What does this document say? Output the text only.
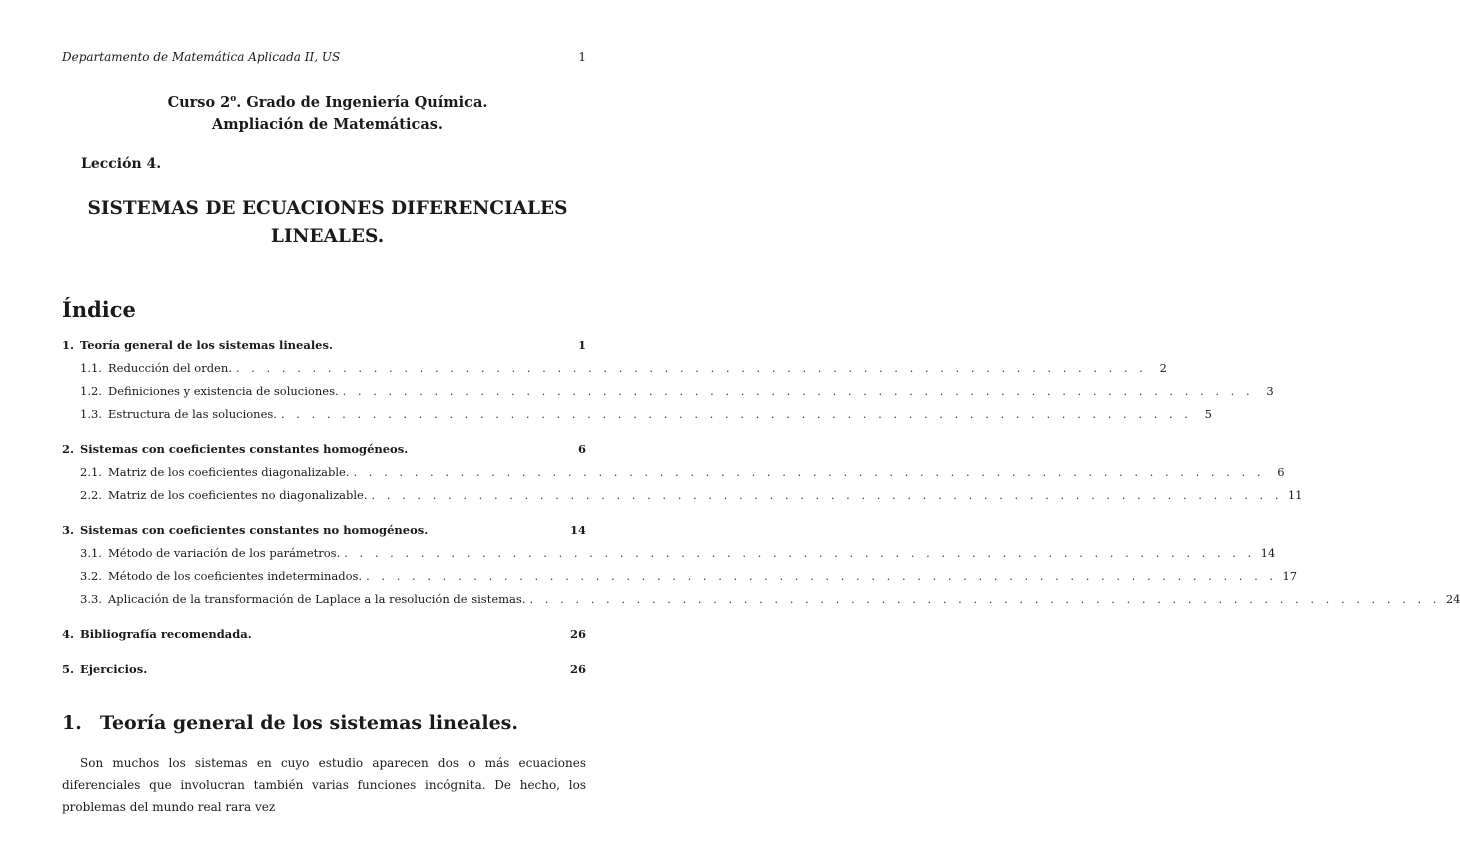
Departamento de Matemática Aplicada II, US	1
Curso 2$^o$. Grado de Ingeniería Química.
Ampliación de Matemáticas.
Lección 4.
SISTEMAS DE ECUACIONES DIFERENCIALES
LINEALES.
Índice
1. Teoría general de los sistemas lineales.	1
1.1. Reducción del orden. . . . . . . . . . . . . . . . . . . . . . . . . . . . . . . . . . . . . . . . . . . . . . . . . . . . . . . . . . . . .	2
1.2. Definiciones y existencia de soluciones. . . . . . . . . . . . . . . . . . . . . . . . . . . . . . . . . . . . . . . . . . . . . . . . . . . . . . . . . . . . .	3
1.3. Estructura de las soluciones. . . . . . . . . . . . . . . . . . . . . . . . . . . . . . . . . . . . . . . . . . . . . . . . . . . . . . . . . . . . .	5
2. Sistemas con coeficientes constantes homogéneos.	6
2.1. Matriz de los coeficientes diagonalizable. . . . . . . . . . . . . . . . . . . . . . . . . . . . . . . . . . . . . . . . . . . . . . . . . . . . . . . . . . . . .	6
2.2. Matriz de los coeficientes no diagonalizable. . . . . . . . . . . . . . . . . . . . . . . . . . . . . . . . . . . . . . . . . . . . . . . . . . . . . . . . . . . . . 11
3. Sistemas con coeficientes constantes no homogéneos.	14
3.1. Método de variación de los parámetros. . . . . . . . . . . . . . . . . . . . . . . . . . . . . . . . . . . . . . . . . . . . . . . . . . . . . . . . . . . . . 14
3.2. Método de los coeficientes indeterminados. . . . . . . . . . . . . . . . . . . . . . . . . . . . . . . . . . . . . . . . . . . . . . . . . . . . . . . . . . . . . 17
3.3. Aplicación de la transformación de Laplace a la resolución de sistemas. . . . . . . . . . . . . . . . . . . . . . . . . . . . . . . . . . . . . . . . . . . . . . . . . . . . . . . . . . . . . 24
4. Bibliografía recomendada.	26
5. Ejercicios.	26
1. Teoría general de los sistemas lineales.
Son muchos los sistemas en cuyo estudio aparecen dos o más ecuaciones diferenciales que involucran también varias funciones incógnita. De hecho, los problemas del mundo real rara vez
